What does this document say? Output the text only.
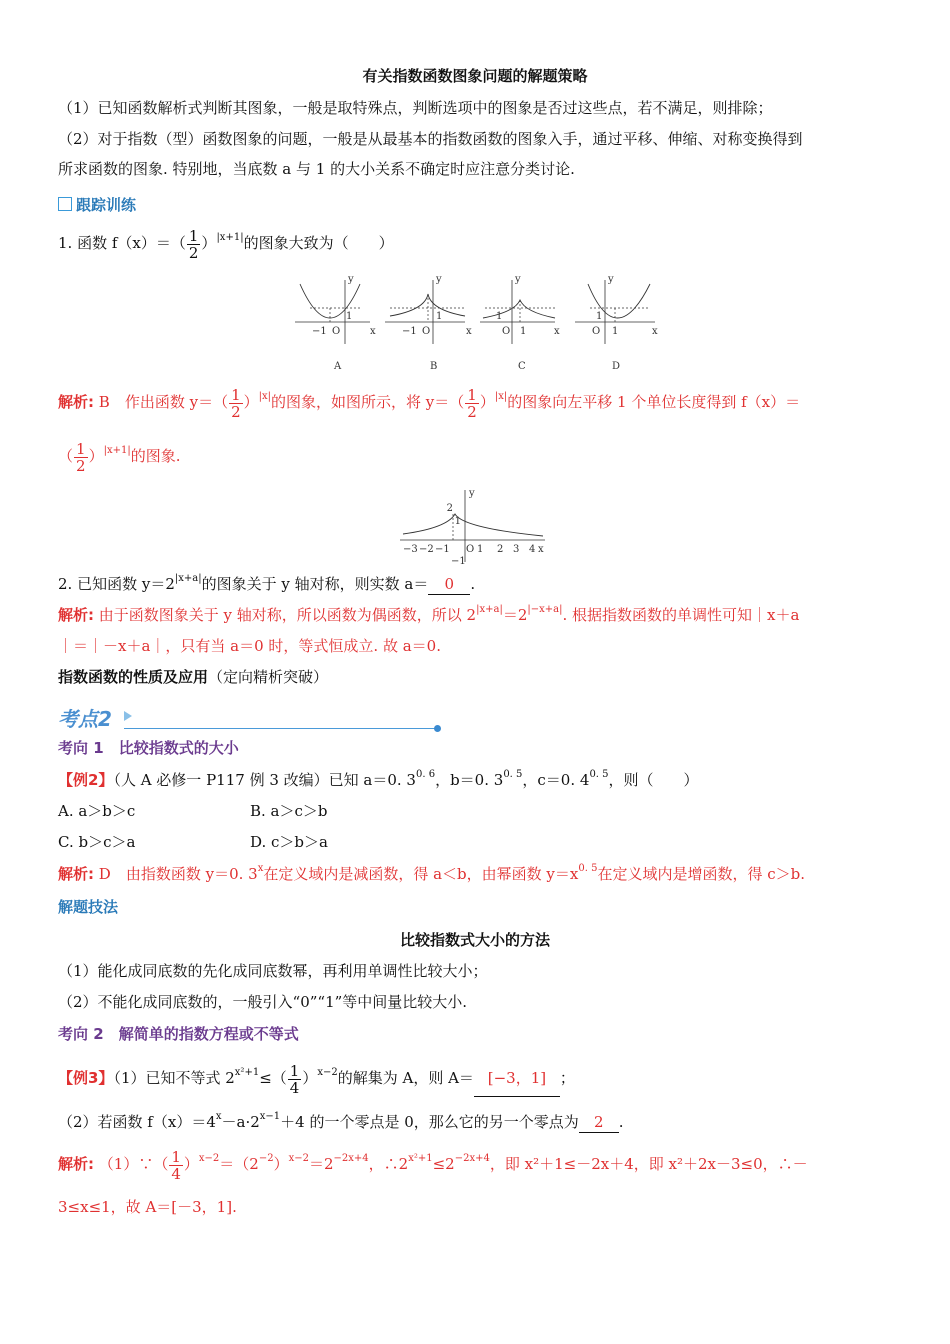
有关指数函数图象问题的解题策略
（1）已知函数解析式判断其图象，一般是取特殊点，判断选项中的图象是否过这些点，若不满足，则排除；
（2）对于指数（型）函数图象的问题，一般是从最基本的指数函数的图象入手，通过平移、伸缩、对称变换得到
所求函数的图象. 特别地，当底数 a 与 1 的大小关系不确定时应注意分类讨论.
跟踪训练
1. 函数 $f(x)=( \frac{1}{2} )^{|x+1|}$的图象大致为（　　）
1
−1 O
y
x
A
1
−1 O
y
x
B
1
O 1
y
x
C
1
O 1
y
x
D
解析: B　 作出函数 $y=( \frac{1}{2} )^{|x|}$的图象，如图所示，将 $y=( \frac{1}{2} )^{|x|}$的图象向左平移 1 个单位长度得到 f（x）＝
（ $\frac{1}{2} )^{|x+1|}$的图象.
y
x
2
1
−3 −2 −1 O 1 2 3 4
−1
2. 已知函数 $y=2^{|x+a|}$的图象关于 y 轴对称，则实数 a＝ 0 .
解析: 由于函数图象关于 y 轴对称，所以函数为偶函数，所以 $2^{|x+a|}=2^{|-x+a|}$. 根据指数函数的单调性可知｜x＋a
｜＝｜－x＋a｜，只有当 a＝0 时，等式恒成立. 故 a＝0.
指数函数的性质及应用（定向精析突破）
考点2
考向 1　 比较指数式的大小
【例2】（人 A 必修一 P117 例 3 改编）已知 a＝0. $3^{0. 6}$，b＝0. $3^{0. 5}$，c＝0. $4^{0. 5}$，则（　　）
A. a＞b＞c	B. a＞c＞b
C. b＞c＞a	D. c＞b＞a
解析: D　 由指数函数 y＝0. 3$^x$在定义域内是减函数，得 a＜b，由幂函数 $y=x^{0. 5}$在定义域内是增函数，得 c＞b.
解题技法
比较指数式大小的方法
（1）能化成同底数的先化成同底数幂，再利用单调性比较大小；
（2）不能化成同底数的，一般引入“0”“1”等中间量比较大小.
考向 2　 解简单的指数方程或不等式
【例3】（1）已知不等式 $2^{x^2+1}\le( \frac{1}{4} )^{x-2}$的解集为 A，则 A＝ [−3，1] ；
（2）若函数 $f(x)=4^x-a\cdot 2^{x-1}+4$ 的一个零点是 0，那么它的另一个零点为 2 .
解析: （1）∵（ $\frac{1}{4} )^{x-2}=(2^{-2})^{x-2}=2^{-2x+4}$，$\therefore 2^{x^2+1}\le 2^{-2x+4}$，即 x²＋1≤－2x＋4，即 x²＋2x－3≤0，∴－
3≤x≤1，故 A＝[－3，1].
